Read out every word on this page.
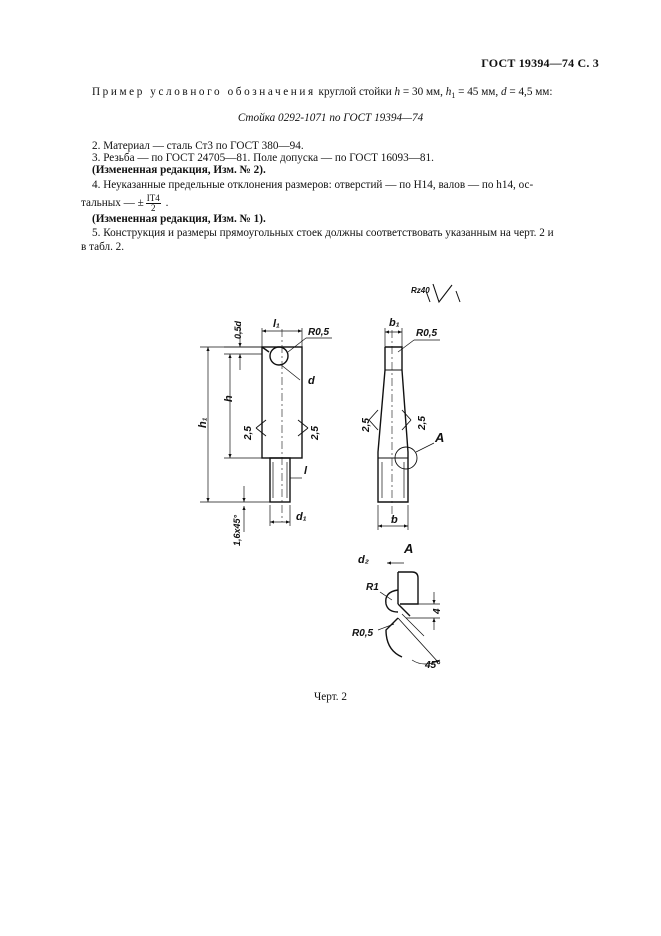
ГОСТ 19394—74 С. 3
Пример условного обозначения круглой стойки h = 30 мм, $h_1 = 45$ мм, d = 4,5 мм:
Стойка 0292-1071 по ГОСТ 19394—74
2. Материал — сталь Ст3 по ГОСТ 380—94.
3. Резьба — по ГОСТ 24705—81. Поле допуска — по ГОСТ 16093—81.
(Измененная редакция, Изм. № 2).
4. Неуказанные предельные отклонения размеров: отверстий — по Н14, валов — по h14, ос-
тальных — ± $\frac{IT4}{2}$ .
(Измененная редакция, Изм. № 1).
5. Конструкция и размеры прямоугольных стоек должны соответствовать указанным на черт. 2 и
в табл. 2.
l₁
R0,5
0,5d
d
h
h₁
2,5	2,5
l
1,6x45°	d₁
b₁
R0,5
2,5	2,5
A
b
Rz40
A
d₂
R1
4
R0,5
45°
Черт. 2
